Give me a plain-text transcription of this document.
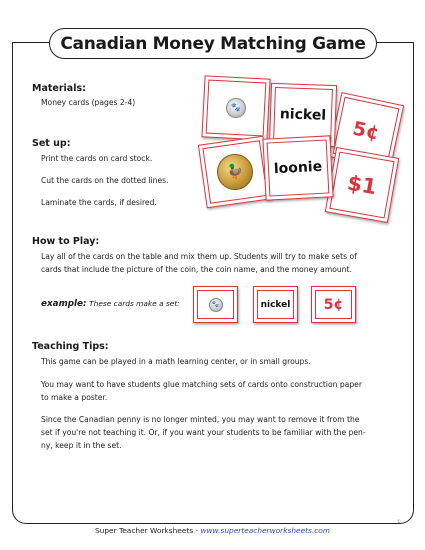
Canadian Money Matching Game
Materials:
Money cards (pages 2-4)
Set up:
Print the cards on card stock.
Cut the cards on the dotted lines.
Laminate the cards, if desired.
5¢
🐾	nickel
$1
🦆 loonie
How to Play:
Lay all of the cards on the table and mix them up. Students will try to make sets of
cards that include the picture of the coin, the coin name, and the money amount.
example: These cards make a set:	🐾	nickel 5¢
Teaching Tips:
This game can be played in a math learning center, or in small groups.
You may want to have students glue matching sets of cards onto construction paper
to make a poster.
Since the Canadian penny is no longer minted, you may want to remove it from the
set if you're not teaching it. Or, if you want your students to be familiar with the pen-
ny, keep it in the set.
©
Super Teacher Worksheets - www.superteacherworksheets.com
